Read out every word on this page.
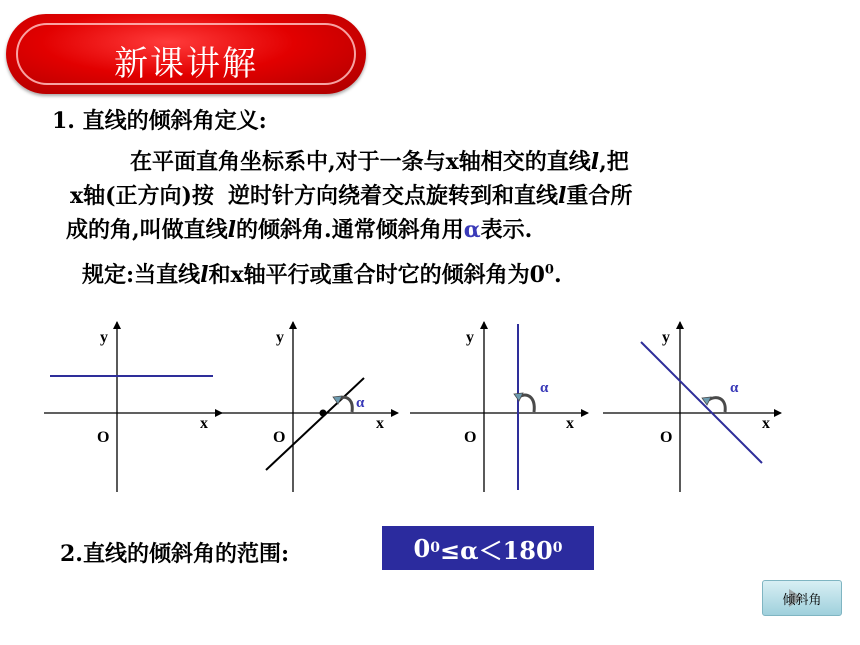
新课讲解
1. 直线的倾斜角定义:
在平面直角坐标系中,对于一条与x轴相交的直线l,把
x轴(正方向)按 逆时针方向绕着交点旋转到和直线l重合所
成的角,叫做直线l的倾斜角.通常倾斜角用α表示.
规定:当直线l和x轴平行或重合时它的倾斜角为$0^0$.
y
x
O
α
y
x
O
α
y
x
O
α
y
x
O
2.直线的倾斜角的范围:	0 0 ≤α＜180 0
倾斜角
